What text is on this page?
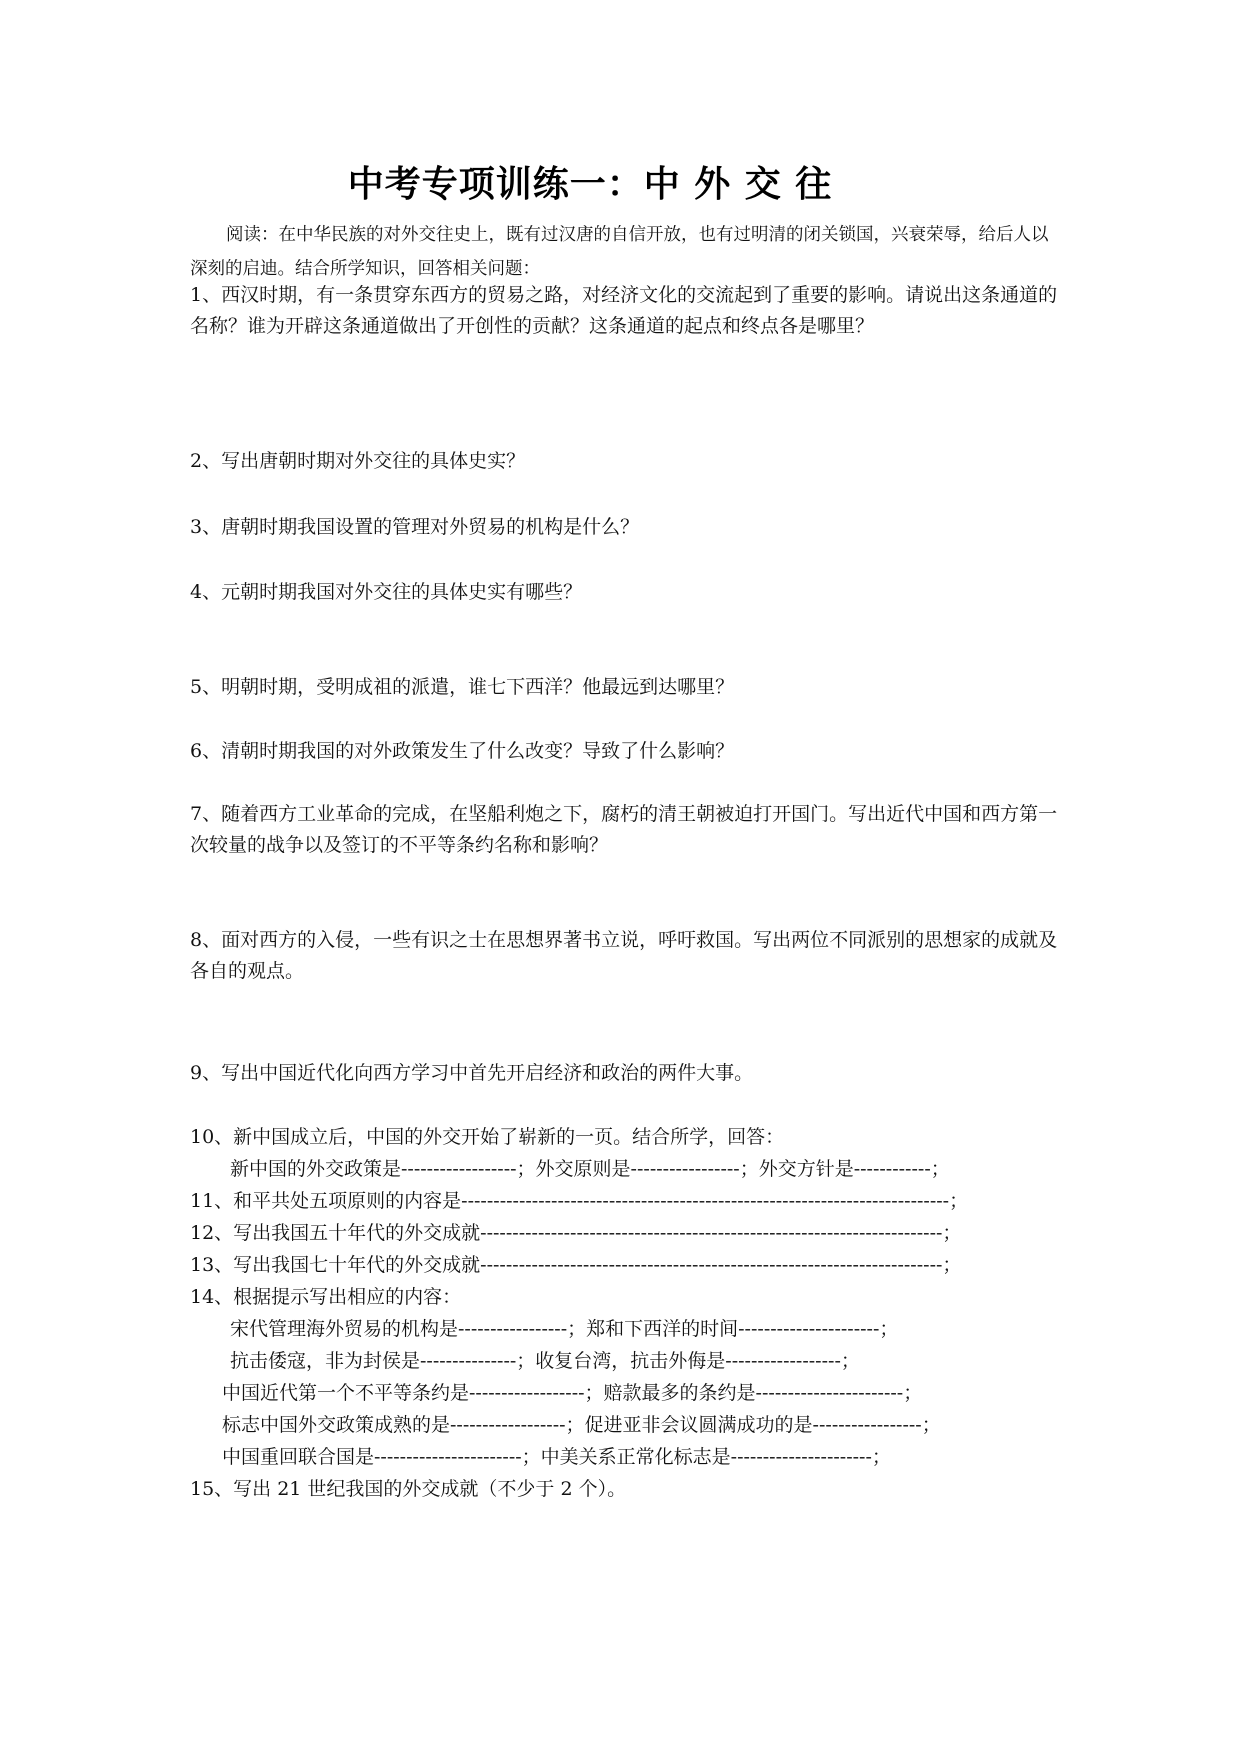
中考专项训练一：中 外 交 往
阅读：在中华民族的对外交往史上，既有过汉唐的自信开放，也有过明清的闭关锁国，兴衰荣辱，给后人以深刻的启迪。结合所学知识，回答相关问题：
1、西汉时期，有一条贯穿东西方的贸易之路，对经济文化的交流起到了重要的影响。请说出这条通道的名称？谁为开辟这条通道做出了开创性的贡献？这条通道的起点和终点各是哪里？
2、写出唐朝时期对外交往的具体史实？
3、唐朝时期我国设置的管理对外贸易的机构是什么？
4、元朝时期我国对外交往的具体史实有哪些？
5、明朝时期，受明成祖的派遣，谁七下西洋？他最远到达哪里？
6、清朝时期我国的对外政策发生了什么改变？导致了什么影响？
7、随着西方工业革命的完成，在坚船利炮之下，腐朽的清王朝被迫打开国门。写出近代中国和西方第一次较量的战争以及签订的不平等条约名称和影响？
8、面对西方的入侵，一些有识之士在思想界著书立说，呼吁救国。写出两位不同派别的思想家的成就及各自的观点。
9、写出中国近代化向西方学习中首先开启经济和政治的两件大事。
10、新中国成立后，中国的外交开始了崭新的一页。结合所学，回答：
新中国的外交政策是------------------；外交原则是-----------------；外交方针是------------；
11、和平共处五项原则的内容是----------------------------------------------------------------------------；
12、写出我国五十年代的外交成就------------------------------------------------------------------------；
13、写出我国七十年代的外交成就------------------------------------------------------------------------；
14、根据提示写出相应的内容：
宋代管理海外贸易的机构是-----------------；郑和下西洋的时间----------------------；
抗击倭寇，非为封侯是---------------；收复台湾，抗击外侮是------------------；
中国近代第一个不平等条约是------------------；赔款最多的条约是-----------------------；
标志中国外交政策成熟的是------------------；促进亚非会议圆满成功的是-----------------；
中国重回联合国是-----------------------；中美关系正常化标志是----------------------；
15、写出 21 世纪我国的外交成就（不少于 2 个）。
